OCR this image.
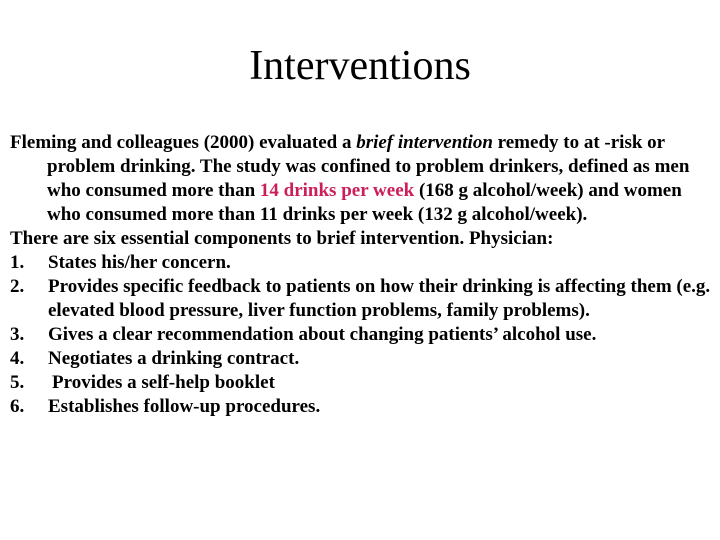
Interventions

Fleming and colleagues (2000) evaluated a brief intervention remedy to at -risk or problem drinking. The study was confined to problem drinkers, defined as men who consumed more than 14 drinks per week (168 g alcohol/week) and women who consumed more than 11 drinks per week (132 g alcohol/week).

There are six essential components to brief intervention. Physician:

1. States his/her concern.
2. Provides specific feedback to patients on how their drinking is affecting them (e.g. elevated blood pressure, liver function problems, family problems).
3. Gives a clear recommendation about changing patients’ alcohol use.
4. Negotiates a drinking contract.
5. Provides a self-help booklet
6. Establishes follow-up procedures.
